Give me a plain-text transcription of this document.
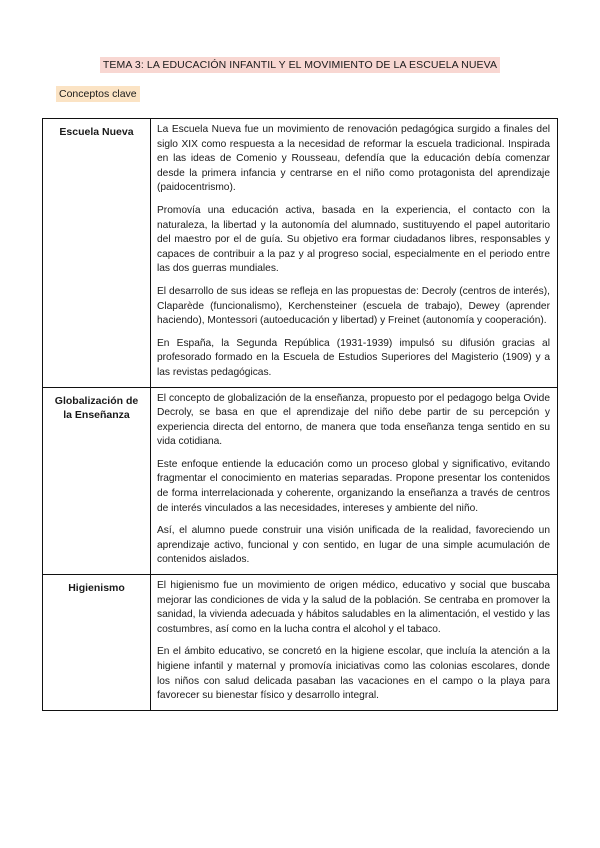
TEMA 3: LA EDUCACIÓN INFANTIL Y EL MOVIMIENTO DE LA ESCUELA NUEVA
Conceptos clave
Escuela Nueva	La Escuela Nueva fue un movimiento de renovación pedagógica surgido a finales del siglo XIX como respuesta a la necesidad de reformar la escuela tradicional. Inspirada en las ideas de Comenio y Rousseau, defendía que la educación debía comenzar desde la primera infancia y centrarse en el niño como protagonista del aprendizaje (paidocentrismo).

Promovía una educación activa, basada en la experiencia, el contacto con la naturaleza, la libertad y la autonomía del alumnado, sustituyendo el papel autoritario del maestro por el de guía. Su objetivo era formar ciudadanos libres, responsables y capaces de contribuir a la paz y al progreso social, especialmente en el periodo entre las dos guerras mundiales.

El desarrollo de sus ideas se refleja en las propuestas de: Decroly (centros de interés), Claparède (funcionalismo), Kerchensteiner (escuela de trabajo), Dewey (aprender haciendo), Montessori (autoeducación y libertad) y Freinet (autonomía y cooperación).

En España, la Segunda República (1931-1939) impulsó su difusión gracias al profesorado formado en la Escuela de Estudios Superiores del Magisterio (1909) y a las revistas pedagógicas.

Globalización de la Enseñanza	El concepto de globalización de la enseñanza, propuesto por el pedagogo belga Ovide Decroly, se basa en que el aprendizaje del niño debe partir de su percepción y experiencia directa del entorno, de manera que toda enseñanza tenga sentido en su vida cotidiana.

Este enfoque entiende la educación como un proceso global y significativo, evitando fragmentar el conocimiento en materias separadas. Propone presentar los contenidos de forma interrelacionada y coherente, organizando la enseñanza a través de centros de interés vinculados a las necesidades, intereses y ambiente del niño.

Así, el alumno puede construir una visión unificada de la realidad, favoreciendo un aprendizaje activo, funcional y con sentido, en lugar de una simple acumulación de contenidos aislados.

Higienismo	El higienismo fue un movimiento de origen médico, educativo y social que buscaba mejorar las condiciones de vida y la salud de la población. Se centraba en promover la sanidad, la vivienda adecuada y hábitos saludables en la alimentación, el vestido y las costumbres, así como en la lucha contra el alcohol y el tabaco.

En el ámbito educativo, se concretó en la higiene escolar, que incluía la atención a la higiene infantil y maternal y promovía iniciativas como las colonias escolares, donde los niños con salud delicada pasaban las vacaciones en el campo o la playa para favorecer su bienestar físico y desarrollo integral.
